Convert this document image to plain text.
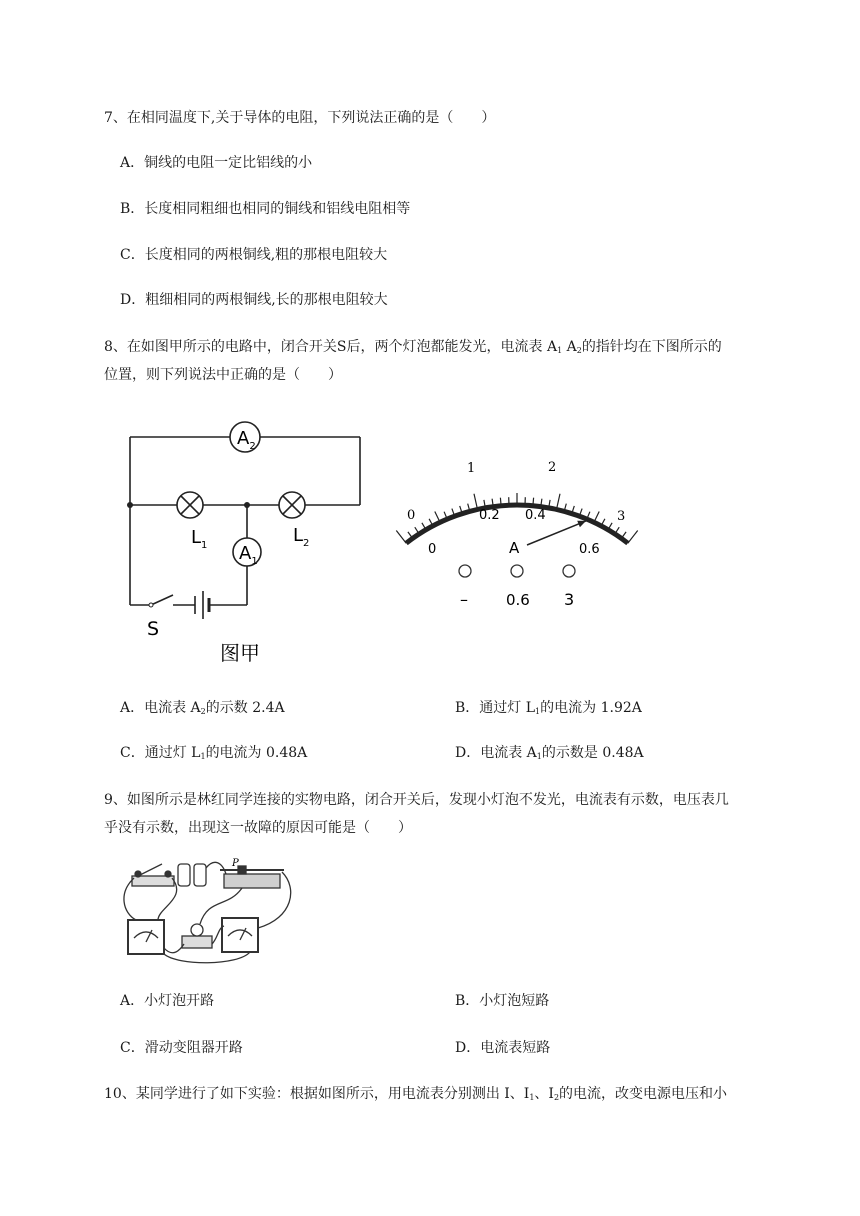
7、在相同温度下,关于导体的电阻，下列说法正确的是（　　）
A．铜线的电阻一定比铝线的小
B．长度相同粗细也相同的铜线和铝线电阻相等
C．长度相同的两根铜线,粗的那根电阻较大
D．粗细相同的两根铜线,长的那根电阻较大
8、在如图甲所示的电路中，闭合开关S后，两个灯泡都能发光，电流表 $A_1$ $A_2$的指针均在下图所示的
位置，则下列说法中正确的是（　　）
$A_2$
$A_1$
$L_1$	$L_2$
S
图甲
0
1	2
3
0
0.2 0.4
0.6
A
–	0.6 3
A．电流表 $A_2$的示数 2.4A	B．通过灯 $L_1$的电流为 1.92A
C．通过灯 $L_1$的电流为 0.48A	D．电流表 $A_1$的示数是 0.48A
9、如图所示是林红同学连接的实物电路，闭合开关后，发现小灯泡不发光，电流表有示数，电压表几
乎没有示数，出现这一故障的原因可能是（　　）
P
A．小灯泡开路	B．小灯泡短路
C．滑动变阻器开路	D．电流表短路
10、某同学进行了如下实验：根据如图所示，用电流表分别测出 I、$I_1$、$I_2$的电流，改变电源电压和小
